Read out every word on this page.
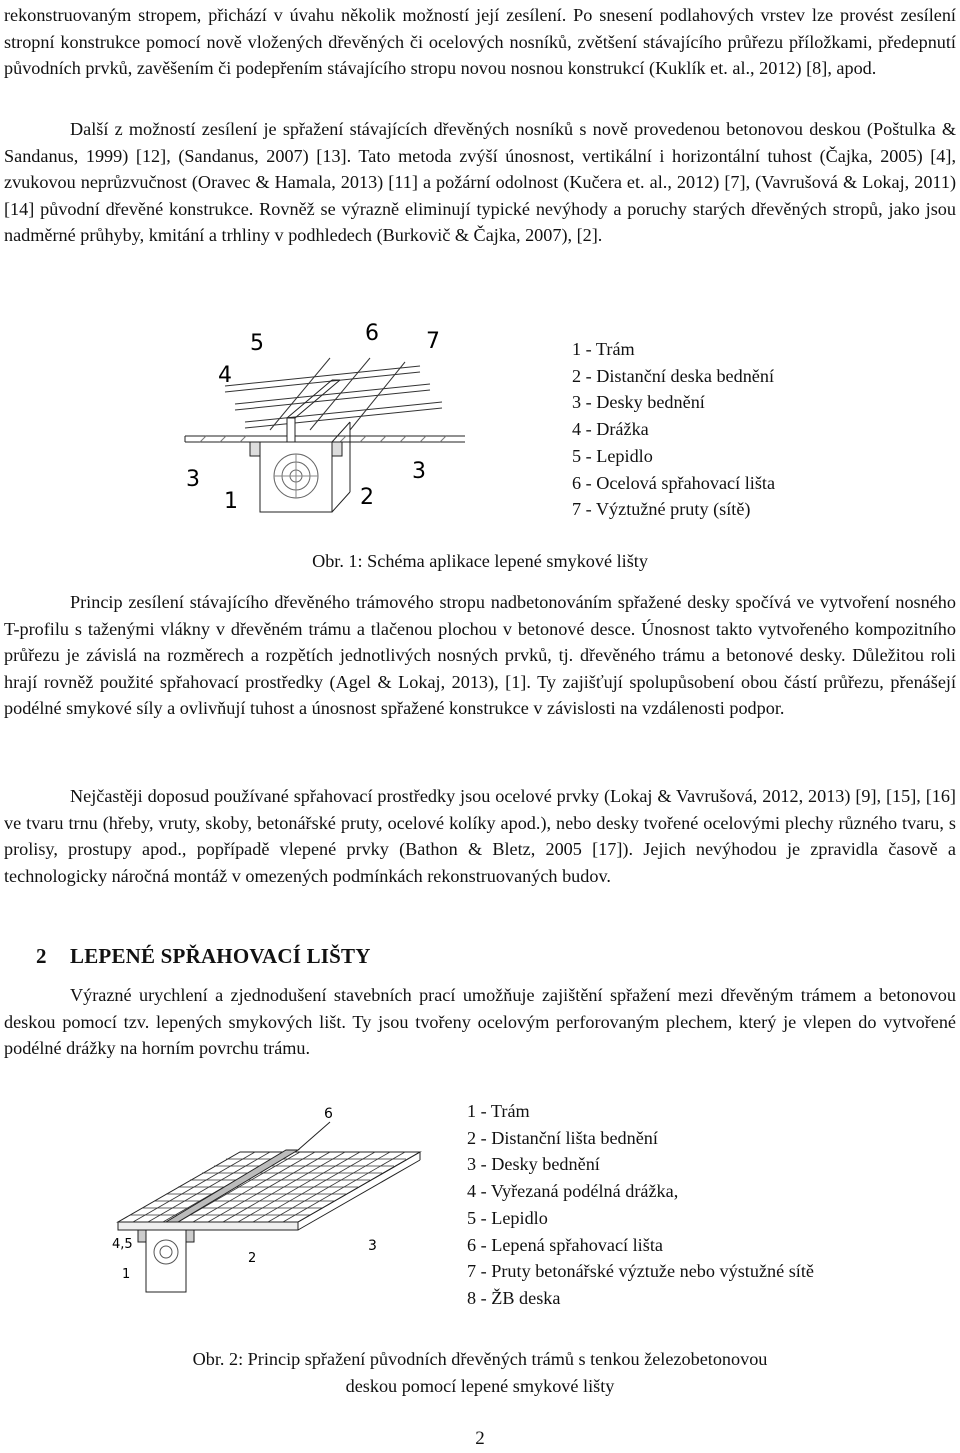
rekonstruovaným stropem, přichází v úvahu několik možností její zesílení. Po snesení podlahových vrstev lze provést zesílení stropní konstrukce pomocí nově vložených dřevěných či ocelových nosníků, zvětšení stávajícího průřezu příložkami, předepnutí původních prvků, zavěšením či podepřením stávajícího stropu novou nosnou konstrukcí (Kuklík et. al., 2012) [8], apod.

Další z možností zesílení je spřažení stávajících dřevěných nosníků s nově provedenou betonovou deskou (Poštulka & Sandanus, 1999) [12], (Sandanus, 2007) [13]. Tato metoda zvýší únosnost, vertikální i horizontální tuhost (Čajka, 2005) [4], zvukovou neprůzvučnost (Oravec & Hamala, 2013) [11] a požární odolnost (Kučera et. al., 2012) [7], (Vavrušová & Lokaj, 2011) [14] původní dřevěné konstrukce. Rovněž se výrazně eliminují typické nevýhody a poruchy starých dřevěných stropů, jako jsou nadměrné průhyby, kmitání a trhliny v podhledech (Burkovič & Čajka, 2007), [2].

3
1
4
5	6 7
2
3
1 - Trám
2 - Distanční deska bednění
3 - Desky bednění
4 - Drážka
5 - Lepidlo
6 - Ocelová spřahovací lišta
7 - Výztužné pruty (sítě)

Obr. 1: Schéma aplikace lepené smykové lišty

Princip zesílení stávajícího dřevěného trámového stropu nadbetonováním spřažené desky spočívá ve vytvoření nosného T-profilu s taženými vlákny v dřevěném trámu a tlačenou plochou v betonové desce. Únosnost takto vytvořeného kompozitního průřezu je závislá na rozměrech a rozpětích jednotlivých nosných prvků, tj. dřevěného trámu a betonové desky. Důležitou roli hrají rovněž použité spřahovací prostředky (Agel & Lokaj, 2013), [1]. Ty zajišťují spolupůsobení obou částí průřezu, přenášejí podélné smykové síly a ovlivňují tuhost a únosnost spřažené konstrukce v závislosti na vzdálenosti podpor.

Nejčastěji doposud používané spřahovací prostředky jsou ocelové prvky (Lokaj & Vavrušová, 2012, 2013) [9], [15], [16] ve tvaru trnu (hřeby, vruty, skoby, betonářské pruty, ocelové kolíky apod.), nebo desky tvořené ocelovými plechy různého tvaru, s prolisy, prostupy apod., popřípadě vlepené prvky (Bathon & Bletz, 2005 [17]). Jejich nevýhodou je zpravidla časově a technologicky náročná montáž v omezených podmínkách rekonstruovaných budov.

2 LEPENÉ SPŘAHOVACÍ LIŠTY

Výrazné urychlení a zjednodušení stavebních prací umožňuje zajištění spřažení mezi dřevěným trámem a betonovou deskou pomocí tzv. lepených smykových lišt. Ty jsou tvořeny ocelovým perforovaným plechem, který je vlepen do vytvořené podélné drážky na horním povrchu trámu.

6
3
4,5
1
2
1 - Trám
2 - Distanční lišta bednění
3 - Desky bednění
4 - Vyřezaná podélná drážka,
5 - Lepidlo
6 - Lepená spřahovací lišta
7 - Pruty betonářské výztuže nebo výstužné sítě
8 - ŽB deska

Obr. 2: Princip spřažení původních dřevěných trámů s tenkou železobetonovou

deskou pomocí lepené smykové lišty

2
